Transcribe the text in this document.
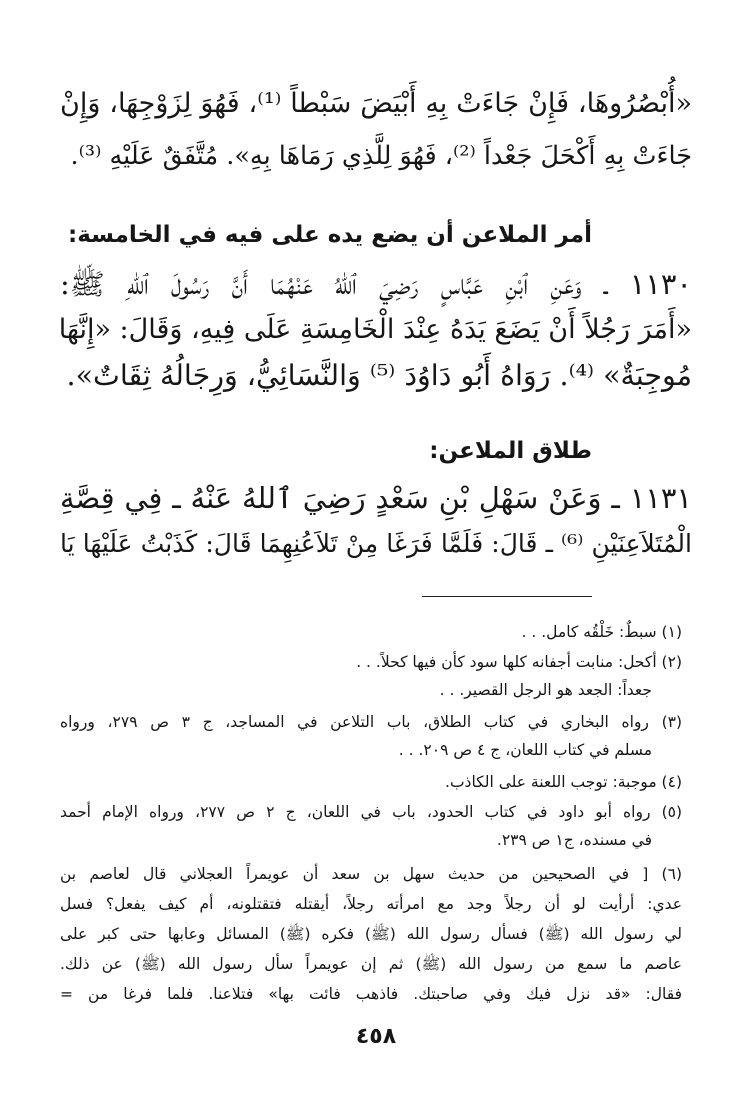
«أُبْصُرُوهَا، فَإِنْ جَاءَتْ بِهِ أَبْيَضَ سَبْطاً ⁽¹⁾، فَهُوَ لِزَوْجِهَا، وَإِنْ
جَاءَتْ بِهِ أَكْحَلَ جَعْداً ⁽²⁾، فَهُوَ لِلَّذِي رَمَاهَا بِهِ». مُتَّفَقٌ عَلَيْهِ ⁽³⁾.
أمر الملاعن أن يضع يده على فيه في الخامسة:
١١٣٠ ـ وَعَنِ ٱبْنِ عَبَّاسٍ رَضِيَ ٱللهُ عَنْهُمَا أَنَّ رَسُولَ ٱللهِ ﷺ:
«أَمَرَ رَجُلاً أَنْ يَضَعَ يَدَهُ عِنْدَ الْخَامِسَةِ عَلَى فِيهِ، وَقَالَ: «إِنَّهَا
مُوجِبَةٌ» ⁽⁴⁾. رَوَاهُ أَبُو دَاوُدَ ⁽⁵⁾ وَالنَّسَائِيُّ، وَرِجَالُهُ ثِقَاتٌ».
طلاق الملاعن:
١١٣١ ـ وَعَنْ سَهْلِ بْنِ سَعْدٍ رَضِيَ ٱللهُ عَنْهُ ـ فِي قِصَّةِ
الْمُتَلاَعِنَيْنِ ⁽⁶⁾ ـ قَالَ: فَلَمَّا فَرَغَا مِنْ تَلاَعُنِهِمَا قَالَ: كَذَبْتُ عَلَيْهَا يَا
(١) سبطٌ: خَلْقُه كامل. . .
(٢) أكحل: منابت أجفانه كلها سود كأن فيها كحلاً. . .
جعداً: الجعد هو الرجل القصير. . .
(٣) رواه البخاري في كتاب الطلاق، باب التلاعن في المساجد، ج ٣ ص ٢٧٩، ورواه
مسلم في كتاب اللعان، ج ٤ ص ٢٠٩. . .
(٤) موجبة: توجب اللعنة على الكاذب.
(٥) رواه أبو داود في كتاب الحدود، باب في اللعان، ج ٢ ص ٢٧٧، ورواه الإمام أحمد
في مسنده، ج١ ص ٢٣٩.
(٦) [ في الصحيحين من حديث سهل بن سعد أن عويمراً العجلاني قال لعاصم بن
عدي: أرأيت لو أن رجلاً وجد مع امرأته رجلاً، أيقتله فتقتلونه، أم كيف يفعل؟ فسل
لي رسول الله (ﷺ) فسأل رسول الله (ﷺ) فكره (ﷺ) المسائل وعابها حتى كبر على
عاصم ما سمع من رسول الله (ﷺ) ثم إن عويمراً سأل رسول الله (ﷺ) عن ذلك.
فقال: «قد نزل فيك وفي صاحبتك. فاذهب فائت بها» فتلاعنا. فلما فرغا من =
٤٥٨
